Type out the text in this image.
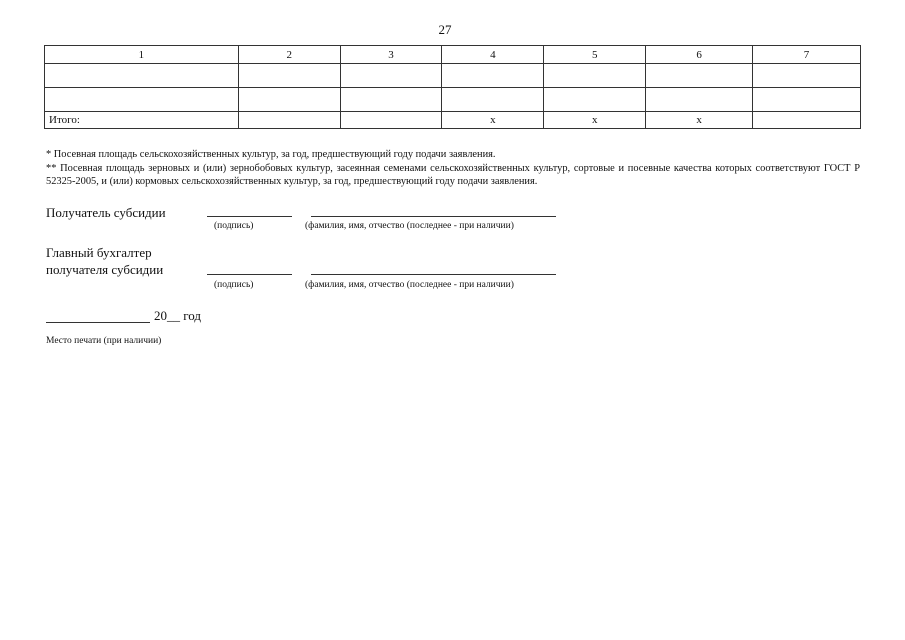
27
1	2	3	4	5	6	7

Итого:			x	x	x	

* Посевная площадь сельскохозяйственных культур, за год, предшествующий году подачи заявления.

** Посевная площадь зерновых и (или) зернобобовых культур, засеянная семенами сельскохозяйственных культур, сортовые и посевные качества которых соответствуют ГОСТ Р 52325-2005, и (или) кормовых сельскохозяйственных культур, за год, предшествующий году подачи заявления.

Получатель субсидии
(подпись)	(фамилия, имя, отчество (последнее - при наличии)
Главный бухгалтер
получателя субсидии
(подпись)	(фамилия, имя, отчество (последнее - при наличии)
20__ год
Место печати (при наличии)
